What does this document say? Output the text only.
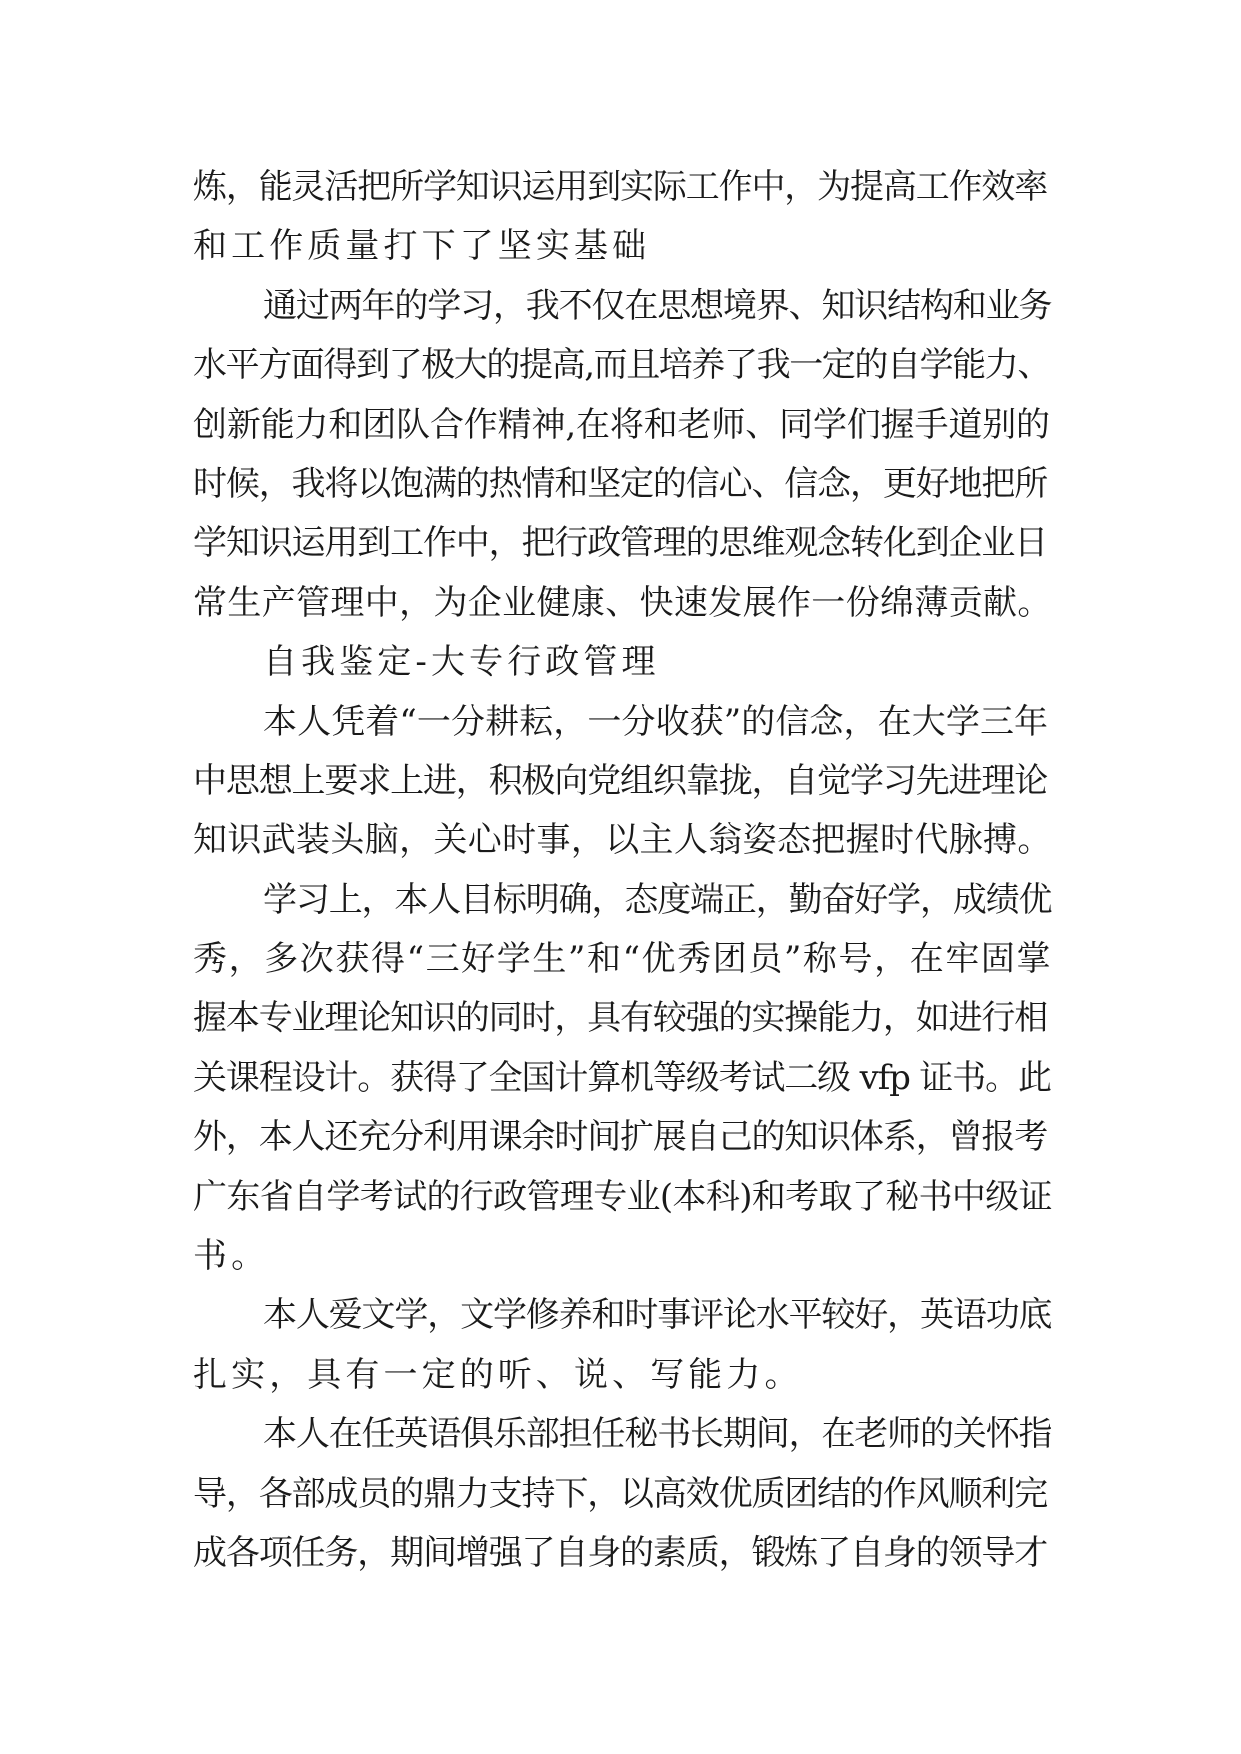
炼，能灵活把所学知识运用到实际工作中，为提高工作效率
和工作质量打下了坚实基础
通过两年的学习，我不仅在思想境界、知识结构和业务
水平方面得到了极大的提高,而且培养了我一定的自学能力、
创新能力和团队合作精神,在将和老师、同学们握手道别的
时候，我将以饱满的热情和坚定的信心、信念，更好地把所
学知识运用到工作中，把行政管理的思维观念转化到企业日
常生产管理中，为企业健康、快速发展作一份绵薄贡献。
自我鉴定-大专行政管理
本人凭着“一分耕耘，一分收获”的信念，在大学三年
中思想上要求上进，积极向党组织靠拢，自觉学习先进理论
知识武装头脑，关心时事，以主人翁姿态把握时代脉搏。
学习上，本人目标明确，态度端正，勤奋好学，成绩优
秀，多次获得“三好学生”和“优秀团员”称号，在牢固掌
握本专业理论知识的同时，具有较强的实操能力，如进行相
关课程设计。获得了全国计算机等级考试二级 vfp 证书。此
外，本人还充分利用课余时间扩展自己的知识体系，曾报考
广东省自学考试的行政管理专业(本科)和考取了秘书中级证
书。
本人爱文学，文学修养和时事评论水平较好，英语功底
扎实，具有一定的听、说、写能力。
本人在任英语俱乐部担任秘书长期间，在老师的关怀指
导，各部成员的鼎力支持下，以高效优质团结的作风顺利完
成各项任务，期间增强了自身的素质，锻炼了自身的领导才
